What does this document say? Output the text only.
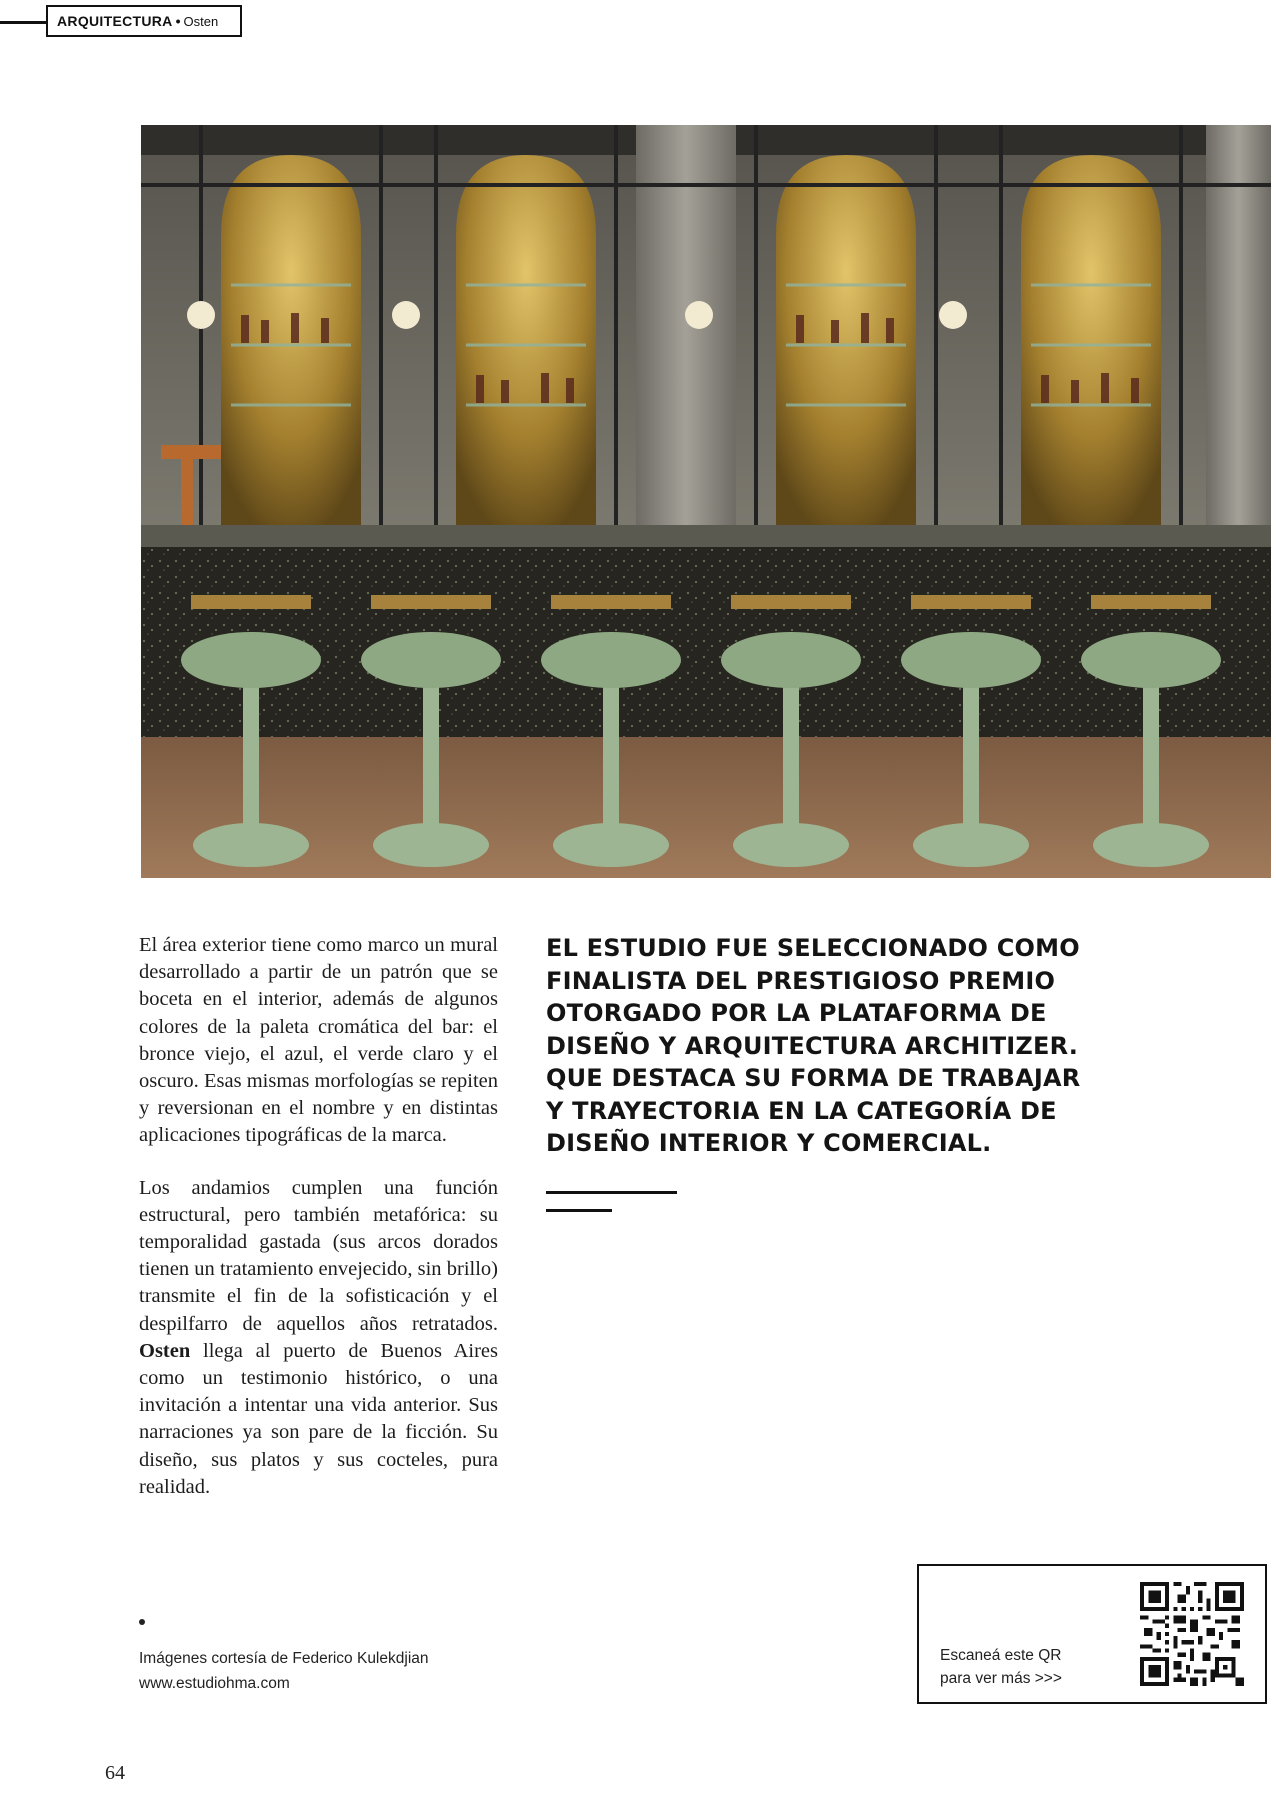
ARQUITECTURA • Osten

El área exterior tiene como marco un mural desarrollado a partir de un patrón que se boceta en el interior, además de algunos colores de la paleta cromática del bar: el bronce viejo, el azul, el verde claro y el oscuro. Esas mismas morfologías se repiten y reversionan en el nombre y en distintas aplicaciones tipográficas de la marca.

Los andamios cumplen una función estructural, pero también metafórica: su temporalidad gastada (sus arcos dorados tienen un tratamiento envejecido, sin brillo) transmite el fin de la sofisticación y el despilfarro de aquellos años retratados. Osten llega al puerto de Buenos Aires como un testimonio histórico, o una invitación a intentar una vida anterior. Sus narraciones ya son pare de la ficción. Su diseño, sus platos y sus cocteles, pura realidad.

EL ESTUDIO FUE SELECCIONADO COMO FINALISTA DEL PRESTIGIOSO PREMIO OTORGADO POR LA PLATAFORMA DE DISEÑO Y ARQUITECTURA ARCHITIZER. QUE DESTACA SU FORMA DE TRABAJAR Y TRAYECTORIA EN LA CATEGORÍA DE DISEÑO INTERIOR Y COMERCIAL.
Imágenes cortesía de Federico Kulekdjian
www.estudiohma.com
Escaneá este QR
para ver más >>>
64
